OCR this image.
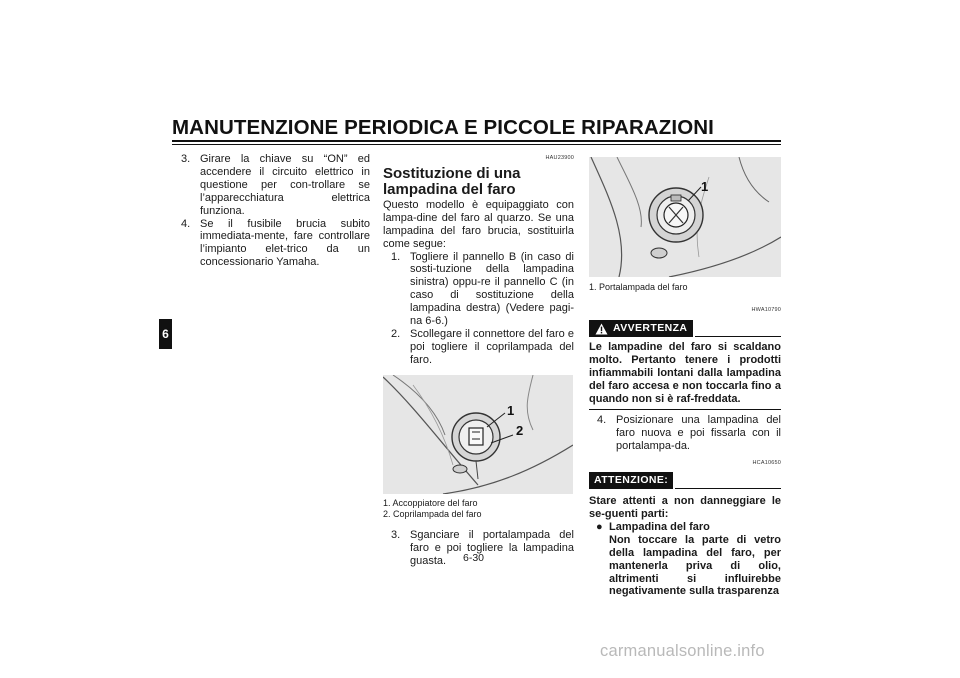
MANUTENZIONE PERIODICA E PICCOLE RIPARAZIONI
6
3. Girare la chiave su “ON” ed accendere il circuito elettrico in questione per con-trollare se l’apparecchiatura elettrica funziona.
4. Se il fusibile brucia subito immediata-mente, fare controllare l’impianto elet-trico da un concessionario Yamaha.
HAU23900
Sostituzione di una lampadina del faro
Questo modello è equipaggiato con lampa-dine del faro al quarzo. Se una lampadina del faro brucia, sostituirla come segue:
1. Togliere il pannello B (in caso di sosti-tuzione della lampadina sinistra) oppu-re il pannello C (in caso di sostituzione della lampadina destra) (Vedere pagi-na 6-6.)
2. Scollegare il connettore del faro e poi togliere il coprilampada del faro.
1
2
1. Accoppiatore del faro
2. Coprilampada del faro
3. Sganciare il portalampada del faro e poi togliere la lampadina guasta.
1
1. Portalampada del faro
HWA10790
AVVERTENZA
Le lampadine del faro si scaldano molto. Pertanto tenere i prodotti infiammabili lontani dalla lampadina del faro accesa e non toccarla fino a quando non si è raf-freddata.
4. Posizionare una lampadina del faro nuova e poi fissarla con il portalampa-da.
HCA10650
ATTENZIONE:
Stare attenti a non danneggiare le se-guenti parti:
● Lampadina del faro
Non toccare la parte di vetro della lampadina del faro, per mantenerla priva di olio, altrimenti si influirebbe negativamente sulla trasparenza
6-30
carmanualsonline.info
